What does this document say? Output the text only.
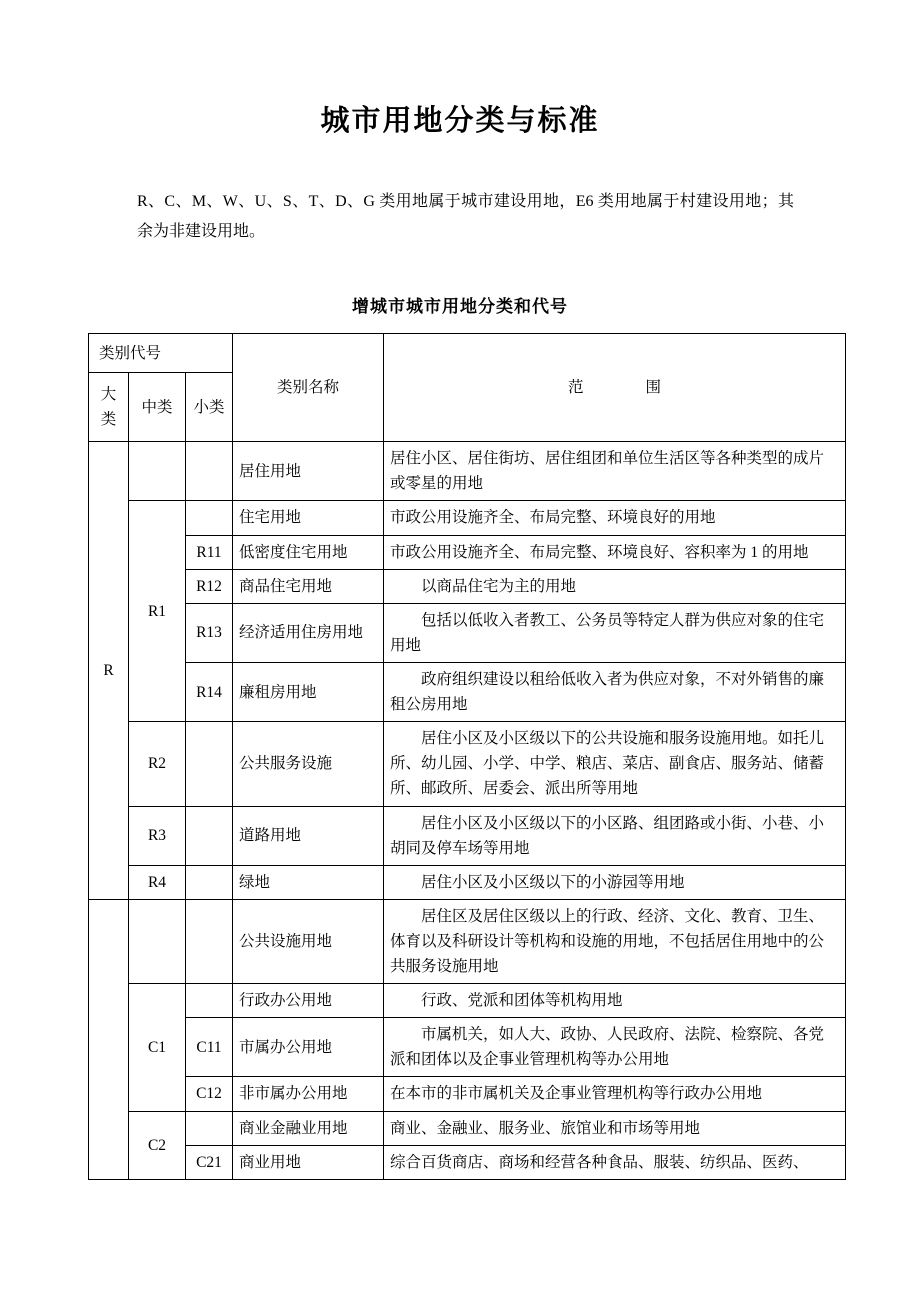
城市用地分类与标准
R、C、M、W、U、S、T、D、G 类用地属于城市建设用地，E6 类用地属于村建设用地；其余为非建设用地。
增城市城市用地分类和代号
类别代号			类别名称	范　　　　围
大类	中类	小类		
R			居住用地	居住小区、居住街坊、居住组团和单位生活区等各种类型的成片或零星的用地
	R1		住宅用地	市政公用设施齐全、布局完整、环境良好的用地
		R11	低密度住宅用地	市政公用设施齐全、布局完整、环境良好、容积率为 1 的用地
		R12	商品住宅用地	以商品住宅为主的用地
		R13	经济适用住房用地	包括以低收入者教工、公务员等特定人群为供应对象的住宅用地
		R14	廉租房用地	政府组织建设以租给低收入者为供应对象，不对外销售的廉租公房用地
	R2		公共服务设施	居住小区及小区级以下的公共设施和服务设施用地。如托儿所、幼儿园、小学、中学、粮店、菜店、副食店、服务站、储蓄所、邮政所、居委会、派出所等用地
	R3		道路用地	居住小区及小区级以下的小区路、组团路或小街、小巷、小胡同及停车场等用地
	R4		绿地	居住小区及小区级以下的小游园等用地
			公共设施用地	居住区及居住区级以上的行政、经济、文化、教育、卫生、体育以及科研设计等机构和设施的用地，不包括居住用地中的公共服务设施用地
	C1		行政办公用地	行政、党派和团体等机构用地
		C11	市属办公用地	市属机关，如人大、政协、人民政府、法院、检察院、各党派和团体以及企事业管理机构等办公用地
		C12	非市属办公用地	在本市的非市属机关及企事业管理机构等行政办公用地
	C2		商业金融业用地	商业、金融业、服务业、旅馆业和市场等用地
		C21	商业用地	综合百货商店、商场和经营各种食品、服装、纺织品、医药、
